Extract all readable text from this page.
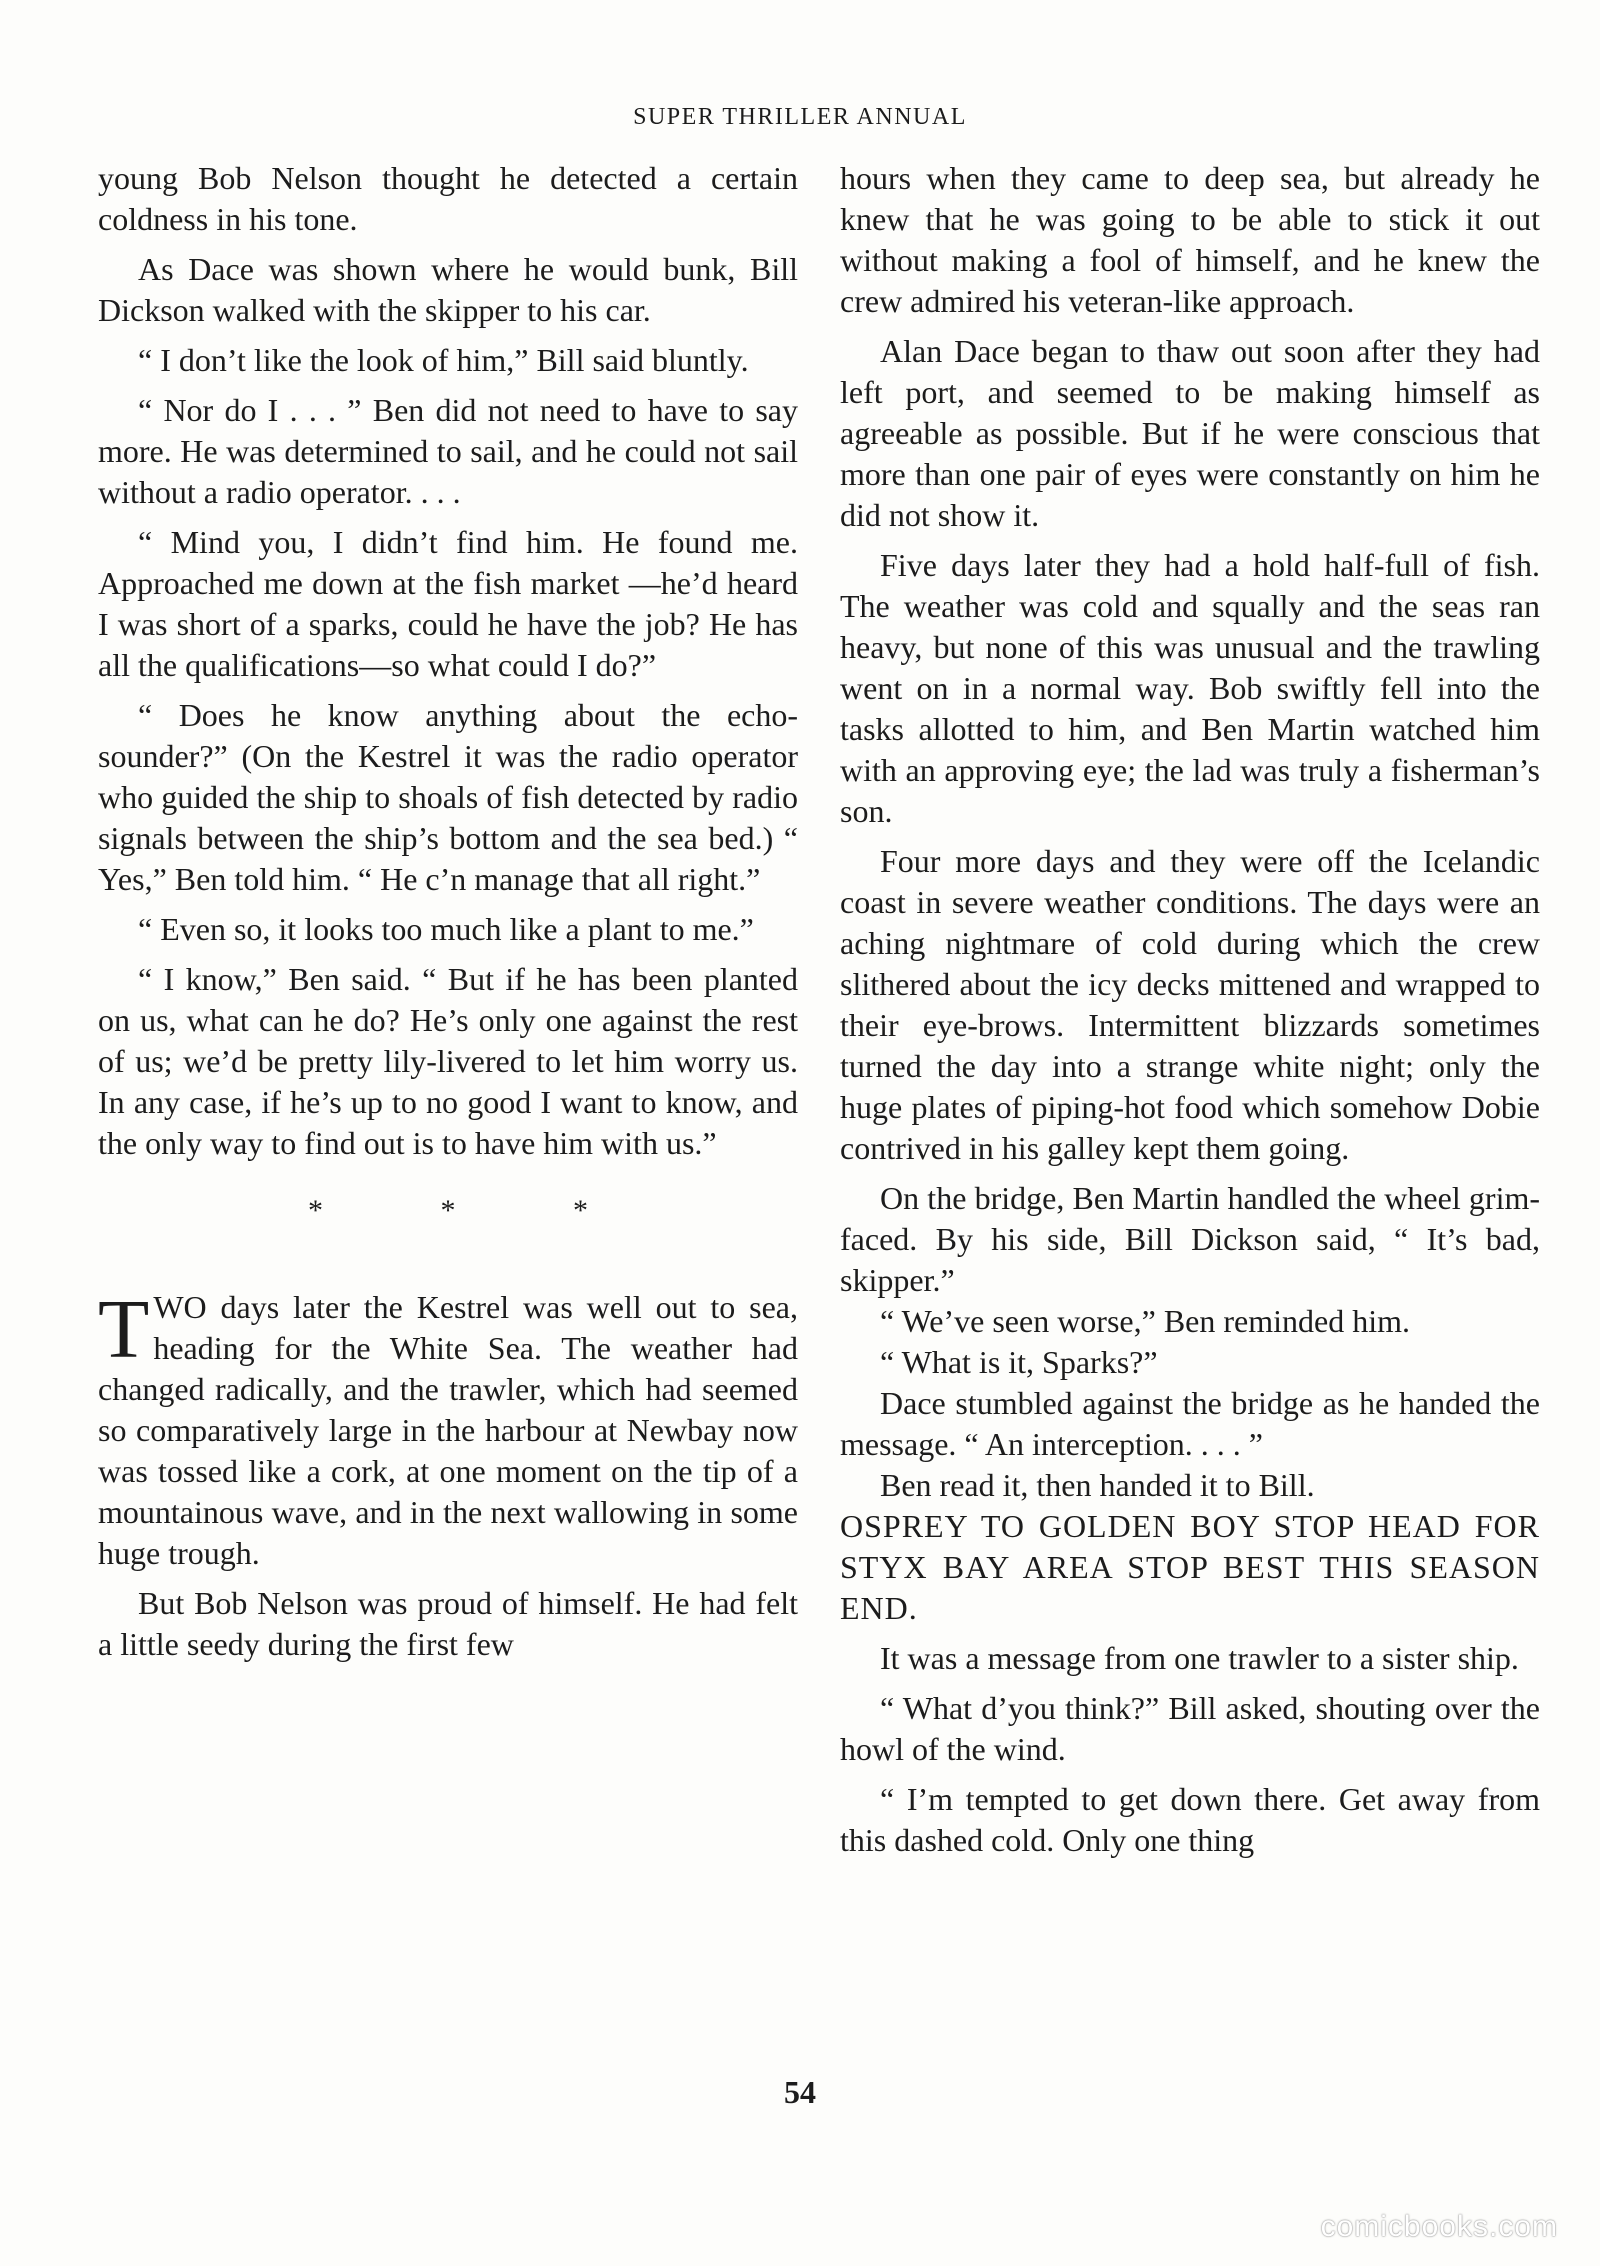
SUPER THRILLER ANNUAL

young Bob Nelson thought he detected a certain coldness in his tone.

As Dace was shown where he would bunk, Bill Dickson walked with the skipper to his car.

“ I don’t like the look of him,” Bill said bluntly.

“ Nor do I . . . ” Ben did not need to have to say more. He was determined to sail, and he could not sail without a radio operator. . . .

“ Mind you, I didn’t find him. He found me. Approached me down at the fish market —he’d heard I was short of a sparks, could he have the job? He has all the qualifications—so what could I do?”

“ Does he know anything about the echo-sounder?” (On the Kestrel it was the radio operator who guided the ship to shoals of fish detected by radio signals between the ship’s bottom and the sea bed.) “ Yes,” Ben told him. “ He c’n manage that all right.”

“ Even so, it looks too much like a plant to me.”

“ I know,” Ben said. “ But if he has been planted on us, what can he do? He’s only one against the rest of us; we’d be pretty lily-livered to let him worry us. In any case, if he’s up to no good I want to know, and the only way to find out is to have him with us.”

* * *

TWO days later the Kestrel was well out to sea, heading for the White Sea. The weather had changed radically, and the trawler, which had seemed so comparatively large in the harbour at Newbay now was tossed like a cork, at one moment on the tip of a mountainous wave, and in the next wallowing in some huge trough.

But Bob Nelson was proud of himself. He had felt a little seedy during the first few

hours when they came to deep sea, but already he knew that he was going to be able to stick it out without making a fool of himself, and he knew the crew admired his veteran-like approach.

Alan Dace began to thaw out soon after they had left port, and seemed to be making himself as agreeable as possible. But if he were conscious that more than one pair of eyes were constantly on him he did not show it.

Five days later they had a hold half-full of fish. The weather was cold and squally and the seas ran heavy, but none of this was unusual and the trawling went on in a normal way. Bob swiftly fell into the tasks allotted to him, and Ben Martin watched him with an approving eye; the lad was truly a fisherman’s son.

Four more days and they were off the Icelandic coast in severe weather conditions. The days were an aching nightmare of cold during which the crew slithered about the icy decks mittened and wrapped to their eye-brows. Intermittent blizzards sometimes turned the day into a strange white night; only the huge plates of piping-hot food which somehow Dobie contrived in his galley kept them going.

On the bridge, Ben Martin handled the wheel grim-faced. By his side, Bill Dickson said, “ It’s bad, skipper.”

“ We’ve seen worse,” Ben reminded him.

“ What is it, Sparks?”

Dace stumbled against the bridge as he handed the message. “ An interception. . . . ”

Ben read it, then handed it to Bill.

OSPREY TO GOLDEN BOY STOP HEAD FOR STYX BAY AREA STOP BEST THIS SEASON END.

It was a message from one trawler to a sister ship.

“ What d’you think?” Bill asked, shouting over the howl of the wind.

“ I’m tempted to get down there. Get away from this dashed cold. Only one thing

54
comicbooks.com
